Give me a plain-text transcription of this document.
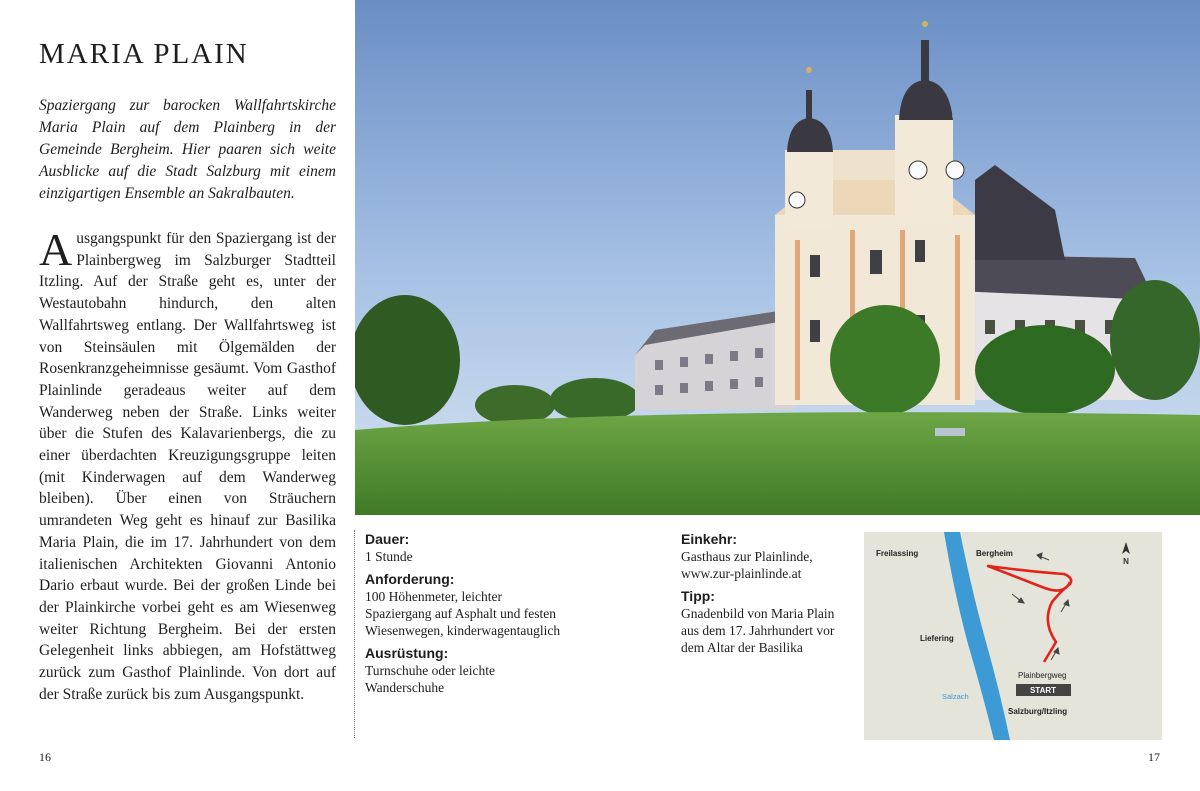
MARIA PLAIN

Spaziergang zur barocken Wallfahrtskirche Maria Plain auf dem Plainberg in der Gemeinde Bergheim. Hier paaren sich weite Ausblicke auf die Stadt Salzburg mit einem einzigartigen Ensemble an Sakralbauten.

Ausgangspunkt für den Spaziergang ist der Plainbergweg im Salzburger Stadtteil Itzling. Auf der Straße geht es, unter der Westautobahn hindurch, den alten Wallfahrtsweg entlang. Der Wallfahrtsweg ist von Steinsäulen mit Ölgemälden der Rosenkranzgeheimnisse gesäumt. Vom Gasthof Plainlinde geradeaus weiter auf dem Wanderweg neben der Straße. Links weiter über die Stufen des Kalavarienbergs, die zu einer überdachten Kreuzigungsgruppe leiten (mit Kinderwagen auf dem Wanderweg bleiben). Über einen von Sträuchern umrandeten Weg geht es hinauf zur Basilika Maria Plain, die im 17. Jahrhundert von dem italienischen Architekten Giovanni Antonio Dario erbaut wurde. Bei der großen Linde bei der Plainkirche vorbei geht es am Wiesenweg weiter Richtung Bergheim. Bei der ersten Gelegenheit links abbiegen, am Hofstättweg zurück zum Gasthof Plainlinde. Von dort auf der Straße zurück bis zum Ausgangspunkt.

16
Dauer:

1 Stunde

Anforderung:

100 Höhenmeter, leichter Spaziergang auf Asphalt und festen Wiesenwegen, kinderwagentauglich

Ausrüstung:

Turnschuhe oder leichte Wanderschuhe

Einkehr:

Gasthaus zur Plainlinde, www.zur-plainlinde.at

Tipp:

Gnadenbild von Maria Plain aus dem 17. Jahrhundert vor dem Altar der Basilika

N
Freilassing	Bergheim
Liefering
Plainbergweg
START
Salzach
Salzburg/Itzling
17
